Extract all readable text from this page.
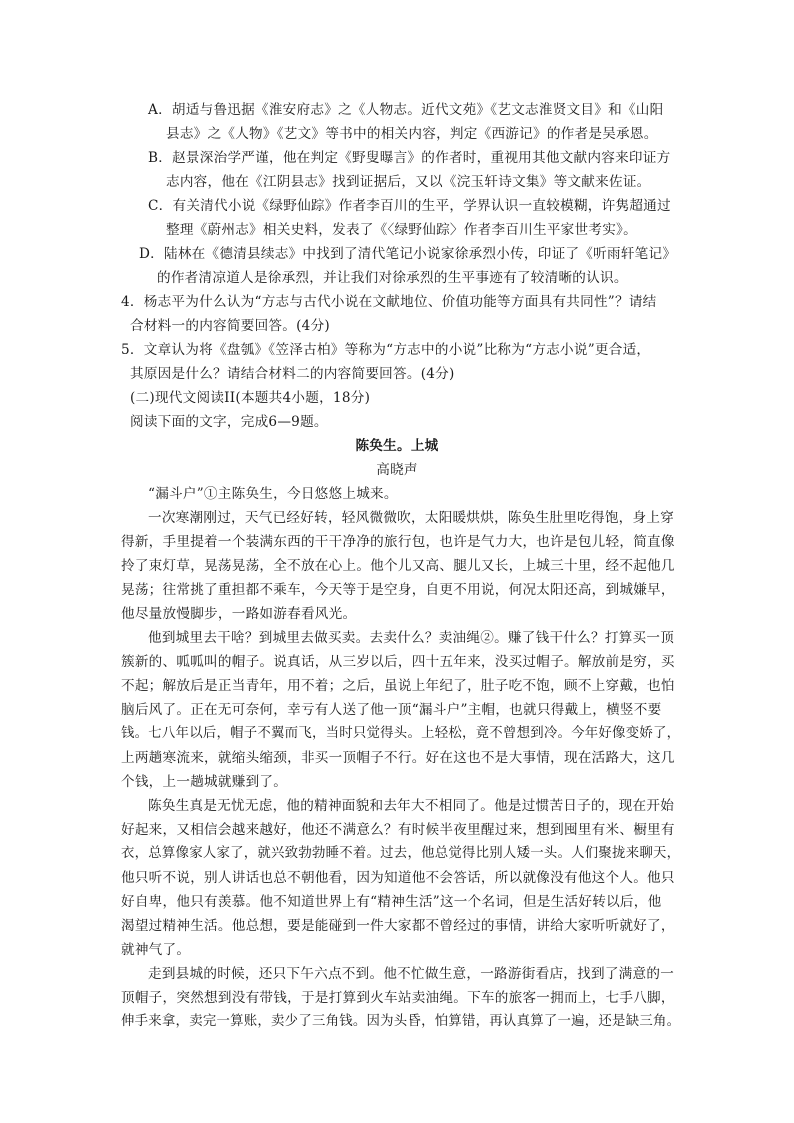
A．胡适与鲁迅据《淮安府志》之《人物志。近代文苑》《艺文志淮贤文目》和《山阳
县志》之《人物》《艺文》等书中的相关内容，判定《西游记》的作者是吴承恩。
B．赵景深治学严谨，他在判定《野叟曝言》的作者时，重视用其他文献内容来印证方
志内容，他在《江阴县志》找到证据后，又以《浣玉轩诗文集》等文献来佐证。
C．有关清代小说《绿野仙踪》作者李百川的生平，学界认识一直较模糊，许隽超通过
整理《蔚州志》相关史料，发表了《〈绿野仙踪〉作者李百川生平家世考实》。
D．陆林在《德清县续志》中找到了清代笔记小说家徐承烈小传，印证了《听雨轩笔记》
的作者清凉道人是徐承烈，并让我们对徐承烈的生平事迹有了较清晰的认识。
4．杨志平为什么认为“方志与古代小说在文献地位、价值功能等方面具有共同性”？请结
合材料一的内容简要回答。(4分)
5．文章认为将《盘瓠》《笠泽古柏》等称为“方志中的小说”比称为“方志小说”更合适，
其原因是什么？请结合材料二的内容简要回答。(4分)
(二)现代文阅读II(本题共4小题，18分)
阅读下面的文字，完成6—9题。
陈奂生。上城
高晓声
“漏斗户”①主陈奂生，今日悠悠上城来。
一次寒潮刚过，天气已经好转，轻风微微吹，太阳暖烘烘，陈奂生肚里吃得饱，身上穿
得新，手里提着一个装满东西的干干净净的旅行包，也许是气力大，也许是包儿轻，简直像
拎了束灯草，晃荡晃荡，全不放在心上。他个儿又高、腿儿又长，上城三十里，经不起他几
晃荡；往常挑了重担都不乘车，今天等于是空身，自更不用说，何况太阳还高，到城嫌早，
他尽量放慢脚步，一路如游春看风光。
他到城里去干啥？到城里去做买卖。去卖什么？卖油绳②。赚了钱干什么？打算买一顶
簇新的、呱呱叫的帽子。说真话，从三岁以后，四十五年来，没买过帽子。解放前是穷，买
不起；解放后是正当青年，用不着；之后，虽说上年纪了，肚子吃不饱，顾不上穿戴，也怕
脑后风了。正在无可奈何，幸亏有人送了他一顶“漏斗户”主帽，也就只得戴上，横竖不要
钱。七八年以后，帽子不翼而飞，当时只觉得头。上轻松，竟不曾想到冷。今年好像变娇了，
上两趟寒流来，就缩头缩颈，非买一顶帽子不行。好在这也不是大事情，现在活路大，这几
个钱，上一趟城就赚到了。
陈奂生真是无忧无虑，他的精神面貌和去年大不相同了。他是过惯苦日子的，现在开始
好起来，又相信会越来越好，他还不满意么？有时候半夜里醒过来，想到囤里有米、橱里有
衣，总算像家人家了，就兴致勃勃睡不着。过去，他总觉得比别人矮一头。人们聚拢来聊天，
他只听不说，别人讲话也总不朝他看，因为知道他不会答话，所以就像没有他这个人。他只
好自卑，他只有羡慕。他不知道世界上有“精神生活”这一个名词，但是生活好转以后，他
渴望过精神生活。他总想，要是能碰到一件大家都不曾经过的事情，讲给大家听听就好了，
就神气了。
走到县城的时候，还只下午六点不到。他不忙做生意，一路游街看店，找到了满意的一
顶帽子，突然想到没有带钱，于是打算到火车站卖油绳。下车的旅客一拥而上，七手八脚，
伸手来拿，卖完一算账，卖少了三角钱。因为头昏，怕算错，再认真算了一遍，还是缺三角。
